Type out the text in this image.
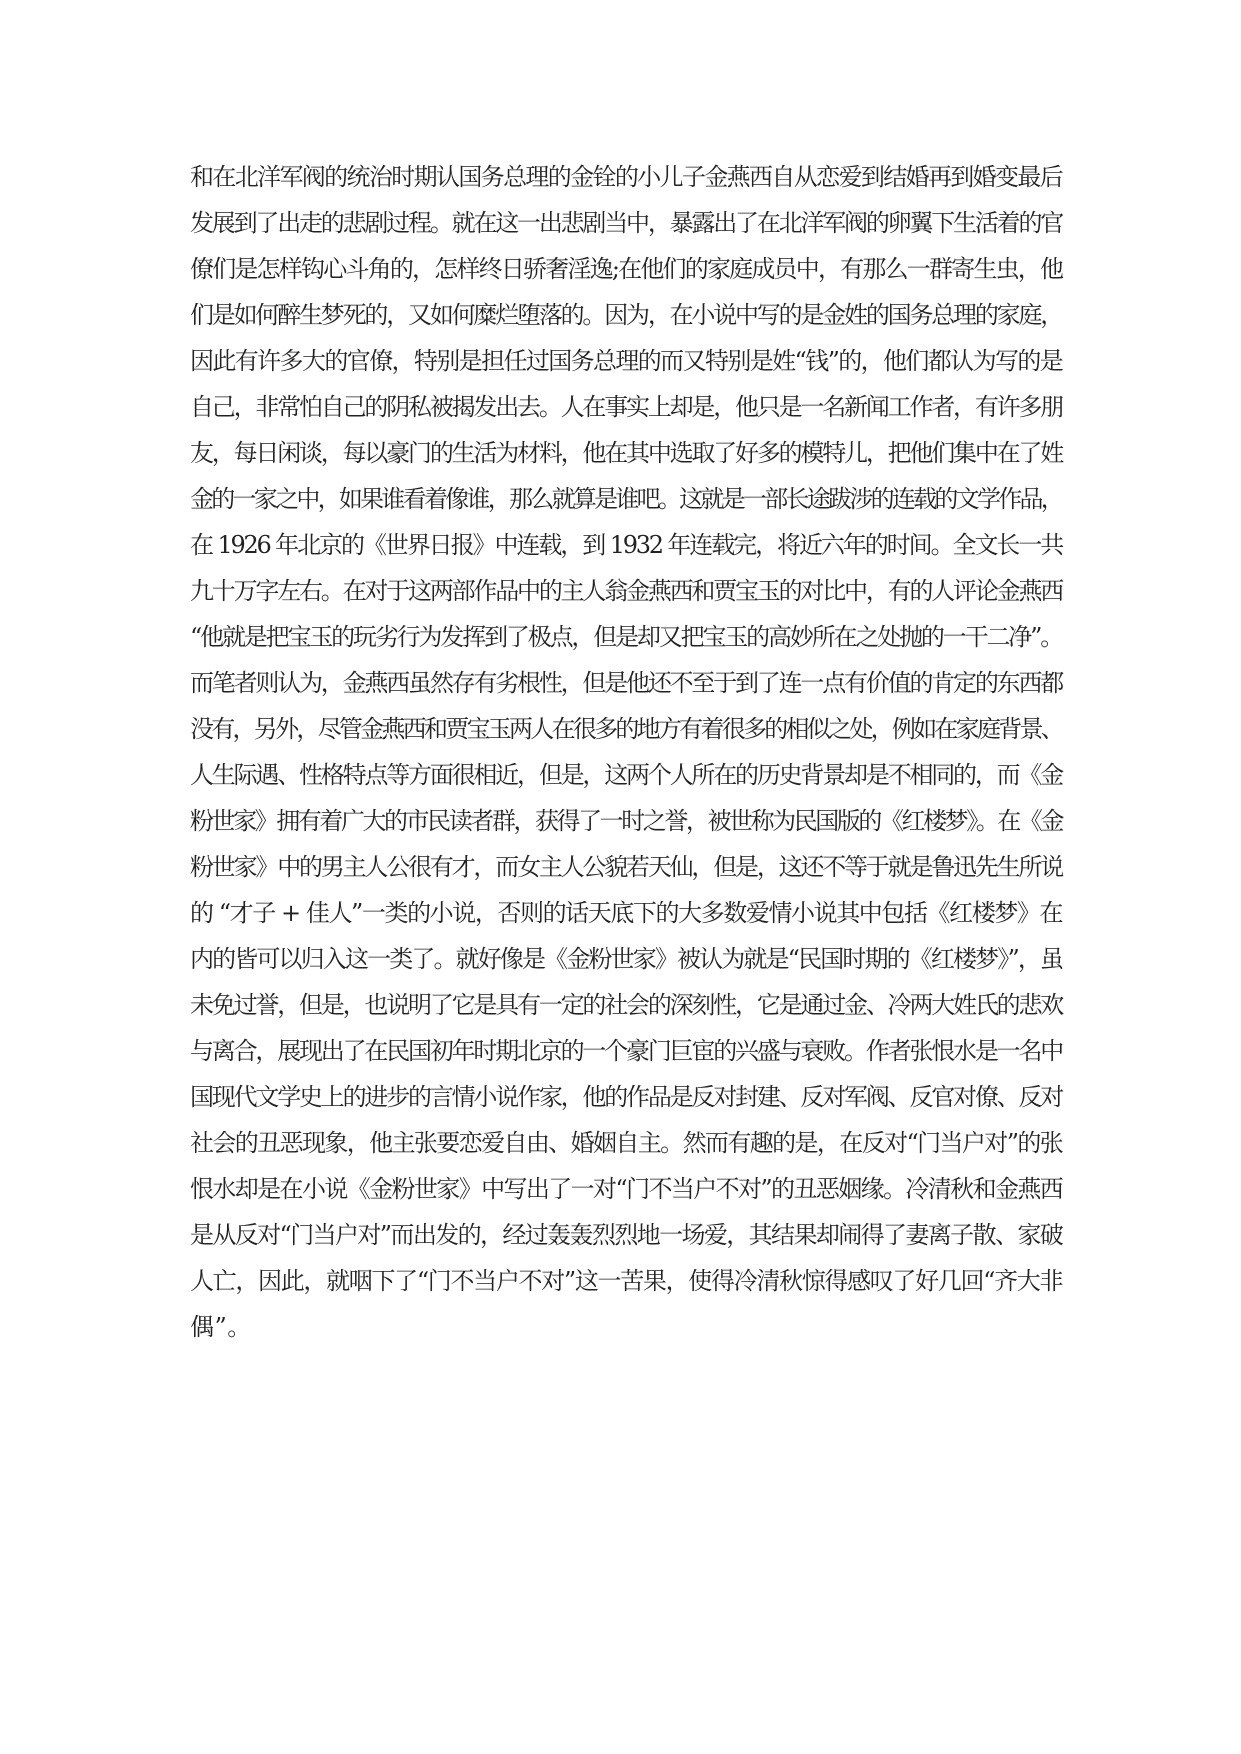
和在北洋军阀的统治时期认国务总理的金铨的小儿子金燕西自从恋爱到结婚再到婚变最后
发展到了出走的悲剧过程。就在这一出悲剧当中，暴露出了在北洋军阀的卵翼下生活着的官
僚们是怎样钩心斗角的，怎样终日骄奢淫逸;在他们的家庭成员中，有那么一群寄生虫，他
们是如何醉生梦死的，又如何糜烂堕落的。因为，在小说中写的是金姓的国务总理的家庭，
因此有许多大的官僚，特别是担任过国务总理的而又特别是姓“钱”的，他们都认为写的是
自己，非常怕自己的阴私被揭发出去。人在事实上却是，他只是一名新闻工作者，有许多朋
友，每日闲谈，每以豪门的生活为材料，他在其中选取了好多的模特儿，把他们集中在了姓
金的一家之中，如果谁看着像谁，那么就算是谁吧。这就是一部长途跋涉的连载的文学作品，
在 1926 年北京的《世界日报》中连载，到 1932 年连载完，将近六年的时间。全文长一共
九十万字左右。在对于这两部作品中的主人翁金燕西和贾宝玉的对比中，有的人评论金燕西
“他就是把宝玉的玩劣行为发挥到了极点，但是却又把宝玉的高妙所在之处抛的一干二净”。
而笔者则认为，金燕西虽然存有劣根性，但是他还不至于到了连一点有价值的肯定的东西都
没有，另外，尽管金燕西和贾宝玉两人在很多的地方有着很多的相似之处，例如在家庭背景、
人生际遇、性格特点等方面很相近，但是，这两个人所在的历史背景却是不相同的，而《金
粉世家》拥有着广大的市民读者群，获得了一时之誉，被世称为民国版的《红楼梦》。在《金
粉世家》中的男主人公很有才，而女主人公貌若天仙，但是，这还不等于就是鲁迅先生所说
的 “才子 + 佳人”一类的小说，否则的话天底下的大多数爱情小说其中包括《红楼梦》在
内的皆可以归入这一类了。就好像是《金粉世家》被认为就是“民国时期的《红楼梦》”，虽
未免过誉，但是，也说明了它是具有一定的社会的深刻性，它是通过金、冷两大姓氏的悲欢
与离合，展现出了在民国初年时期北京的一个豪门巨宦的兴盛与衰败。作者张恨水是一名中
国现代文学史上的进步的言情小说作家，他的作品是反对封建、反对军阀、反官对僚、反对
社会的丑恶现象，他主张要恋爱自由、婚姻自主。然而有趣的是，在反对“门当户对”的张
恨水却是在小说《金粉世家》中写出了一对“门不当户不对”的丑恶姻缘。冷清秋和金燕西
是从反对“门当户对”而出发的，经过轰轰烈烈地一场爱，其结果却闹得了妻离子散、家破
人亡，因此，就咽下了“门不当户不对”这一苦果，使得冷清秋惊得感叹了好几回“齐大非
偶”。
